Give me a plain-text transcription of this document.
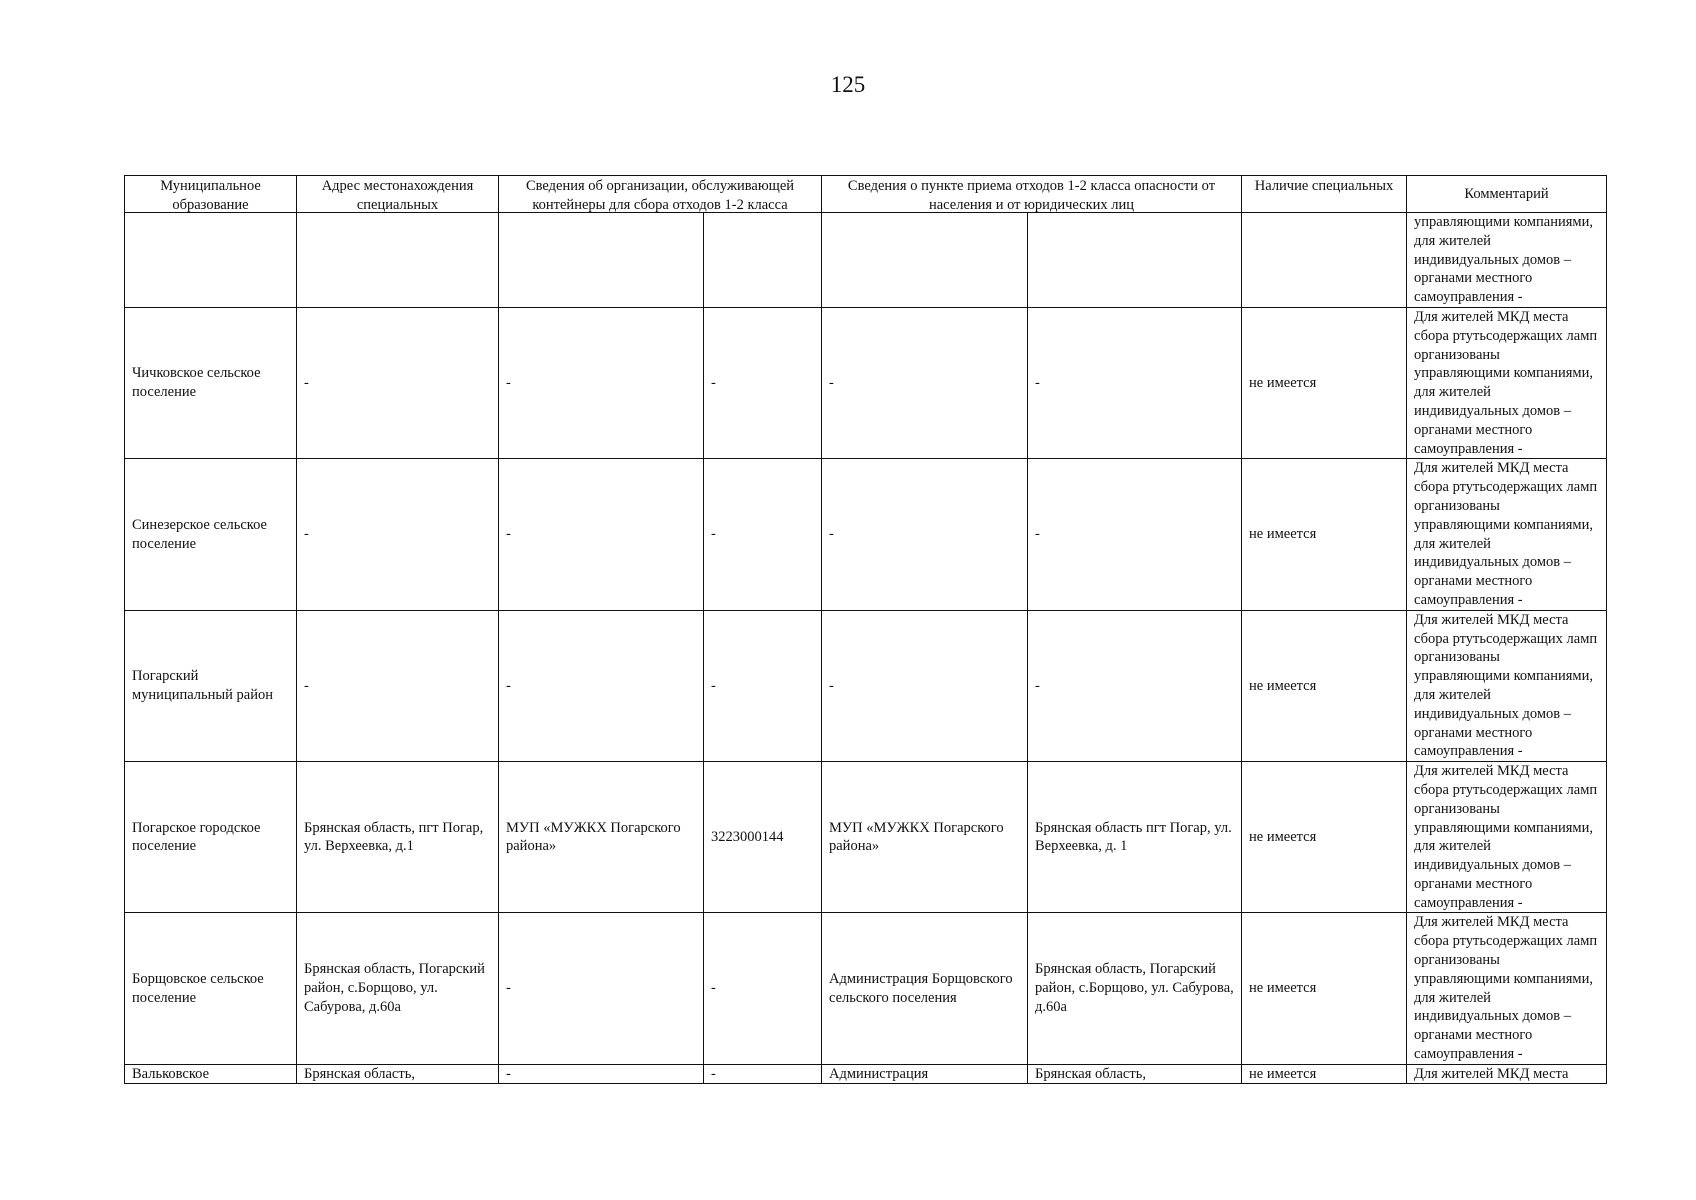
125
Муниципальное образование	Адрес местонахождения специальных	Сведения об организации, обслуживающей контейнеры для сбора отходов 1-2 класса		Сведения о пункте приема отходов 1-2 класса опасности от населения и от юридических лиц		Наличие специальных	Комментарий
							управляющими компаниями, для жителей индивидуальных домов – органами местного самоуправления -
Чичковское сельское поселение	-	-	-	-	-	не имеется	Для жителей МКД места сбора ртутьсодержащих ламп организованы управляющими компаниями, для жителей индивидуальных домов – органами местного самоуправления -
Синезерское сельское поселение	-	-	-	-	-	не имеется	Для жителей МКД места сбора ртутьсодержащих ламп организованы управляющими компаниями, для жителей индивидуальных домов – органами местного самоуправления -
Погарский муниципальный район	-	-	-	-	-	не имеется	Для жителей МКД места сбора ртутьсодержащих ламп организованы управляющими компаниями, для жителей индивидуальных домов – органами местного самоуправления -
Погарское городское поселение	Брянская область, пгт Погар, ул. Верхеевка, д.1	МУП «МУЖКХ Погарского района»	3223000144	МУП «МУЖКХ Погарского района»	Брянская область пгт Погар, ул. Верхеевка, д. 1	не имеется	Для жителей МКД места сбора ртутьсодержащих ламп организованы управляющими компаниями, для жителей индивидуальных домов – органами местного самоуправления -
Борщовское сельское поселение	Брянская область, Погарский район, с.Борщово, ул. Сабурова, д.60а	-	-	Администрация Борщовского сельского поселения	Брянская область, Погарский район, с.Борщово, ул. Сабурова, д.60а	не имеется	Для жителей МКД места сбора ртутьсодержащих ламп организованы управляющими компаниями, для жителей индивидуальных домов – органами местного самоуправления -

Вальковское	Брянская область,	-	-	Администрация	Брянская область,	не имеется	Для жителей МКД места
